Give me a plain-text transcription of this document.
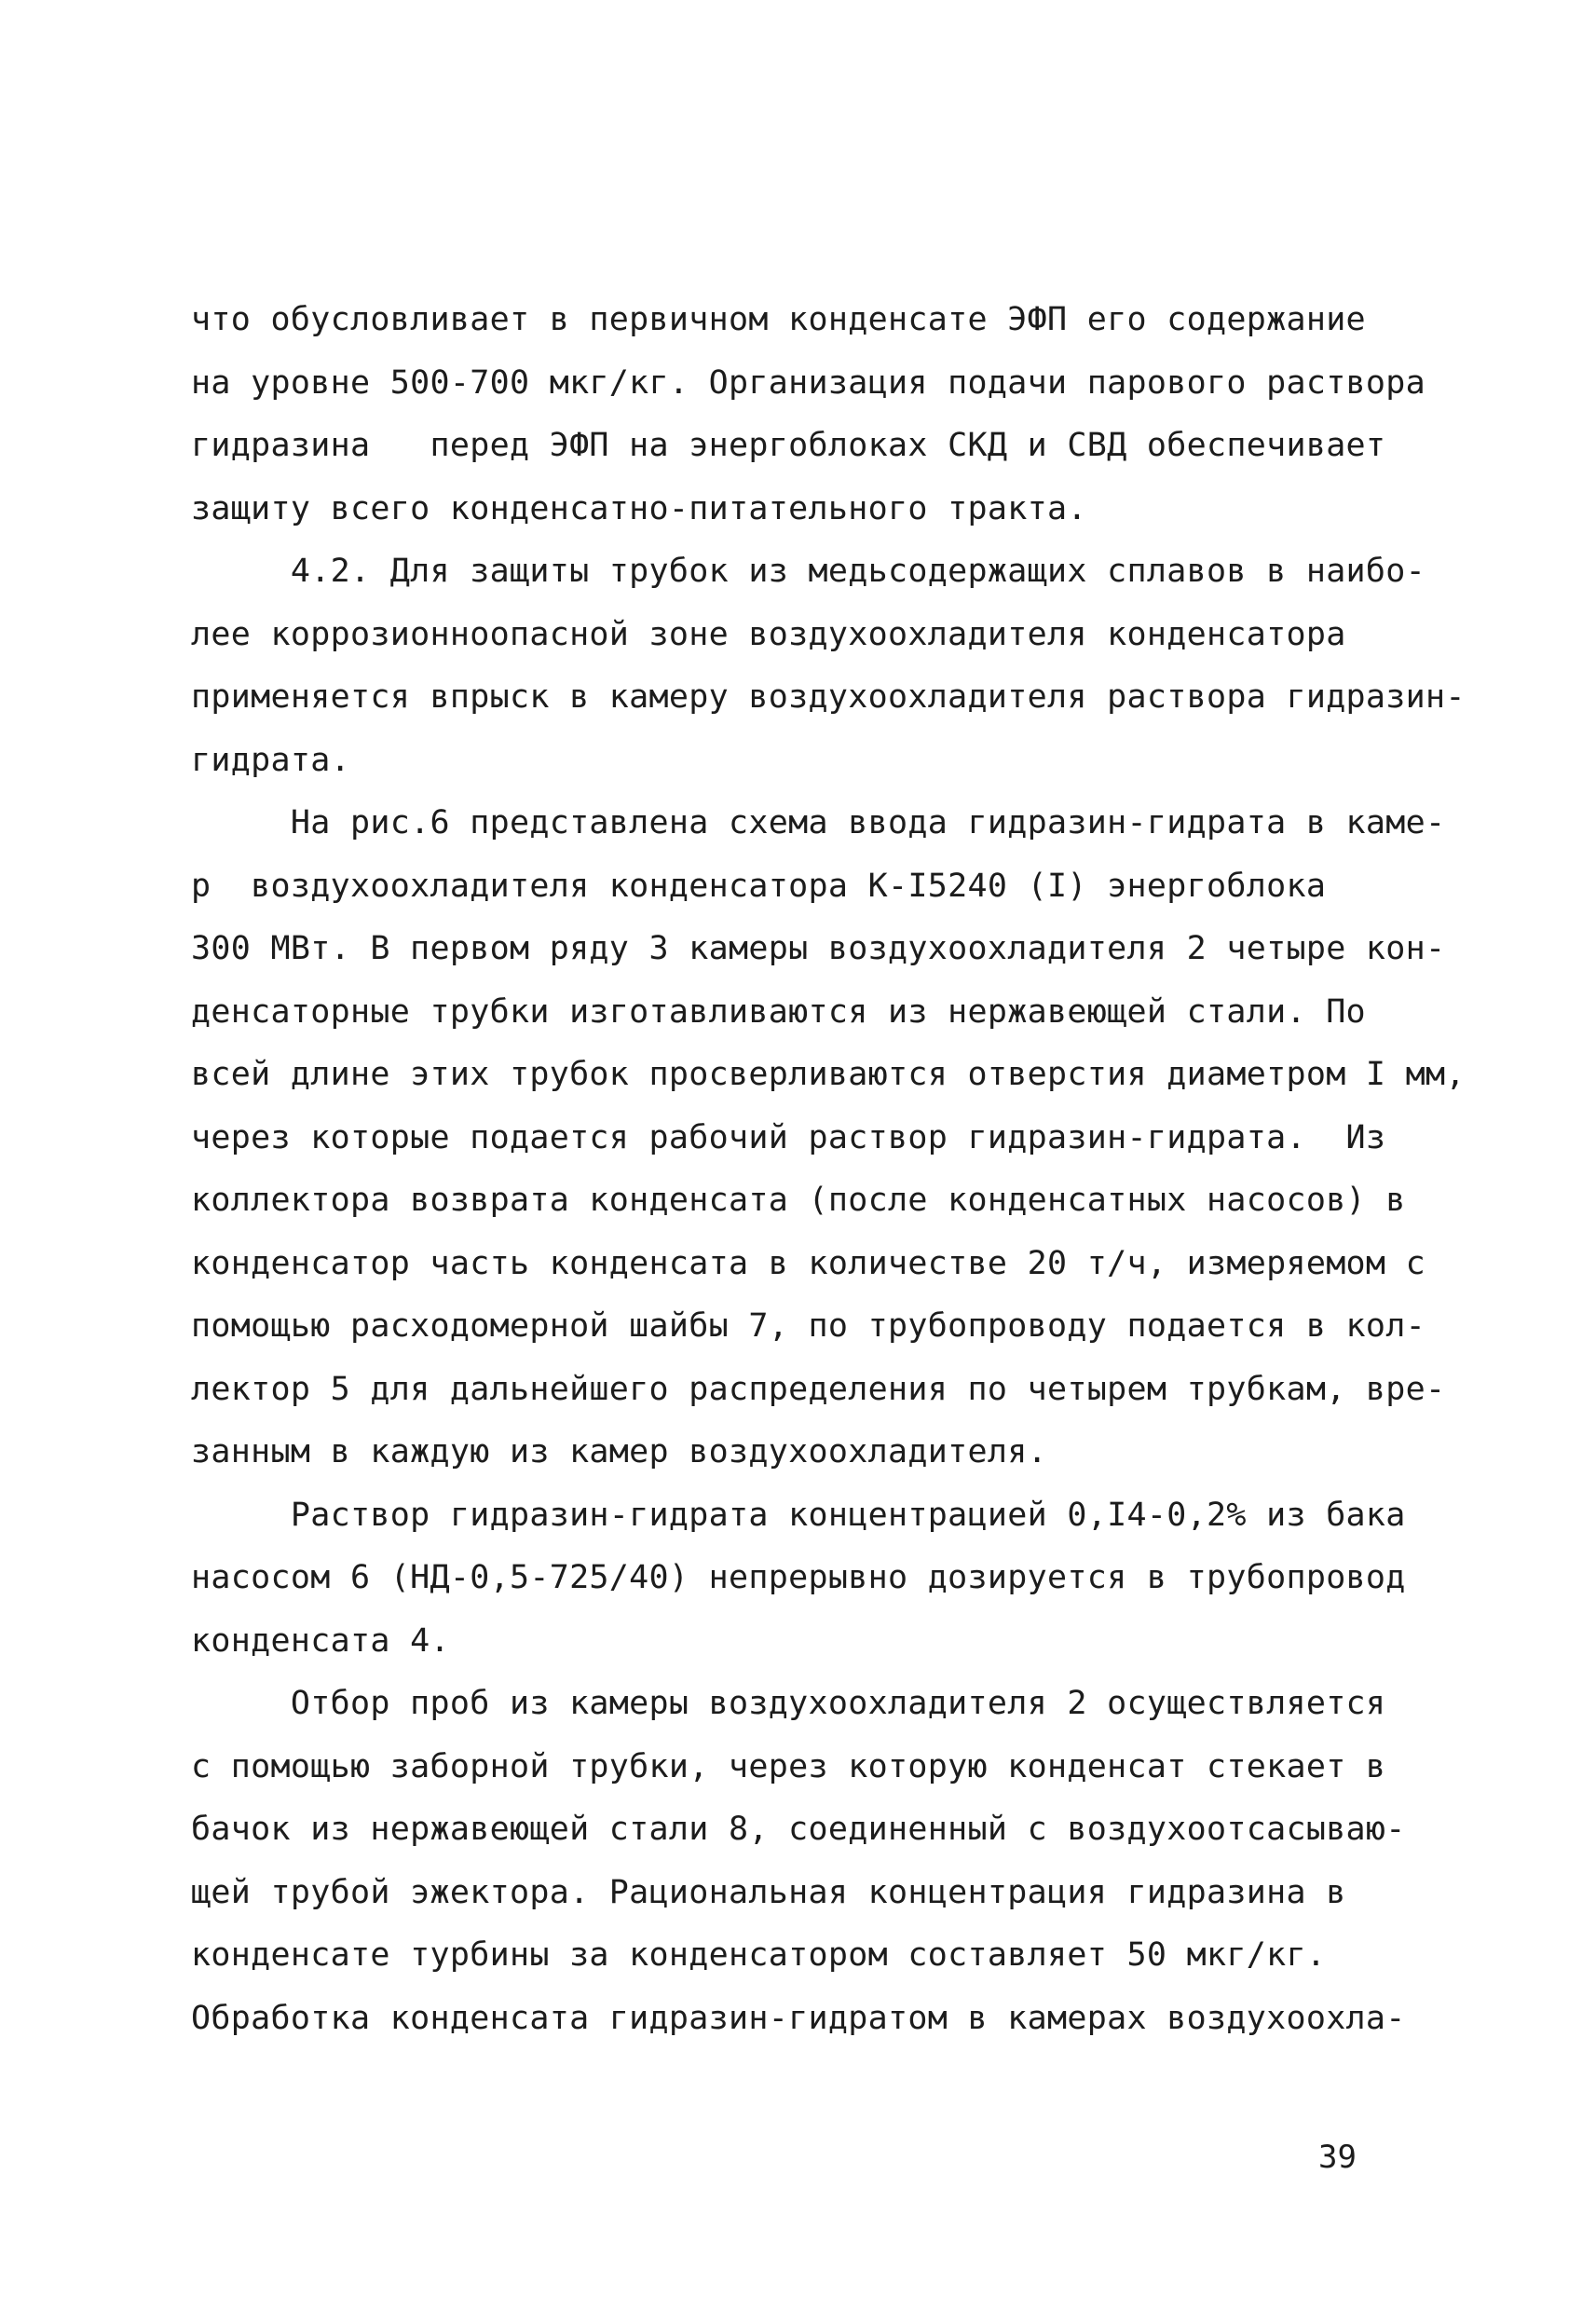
что обусловливает в первичном конденсате ЭФП его содержание
на уровне 500-700 мкг/кг. Организация подачи парового раствора
гидразина   перед ЭФП на энергоблоках СКД и СВД обеспечивает
защиту всего конденсатно-питательного тракта.
4.2. Для защиты трубок из медьсодержащих сплавов в наибо-
лее коррозионноопасной зоне воздухоохладителя конденсатора
применяется впрыск в камеру воздухоохладителя раствора гидразин-
гидрата.
На рис.6 представлена схема ввода гидразин-гидрата в каме-
р  воздухоохладителя конденсатора К-I5240 (I) энергоблока
300 МВт. В первом ряду 3 камеры воздухоохладителя 2 четыре кон-
денсаторные трубки изготавливаются из нержавеющей стали. По
всей длине этих трубок просверливаются отверстия диаметром I мм,
через которые подается рабочий раствор гидразин-гидрата.  Из
коллектора возврата конденсата (после конденсатных насосов) в
конденсатор часть конденсата в количестве 20 т/ч, измеряемом с
помощью расходомерной шайбы 7, по трубопроводу подается в кол-
лектор 5 для дальнейшего распределения по четырем трубкам, вре-
занным в каждую из камер воздухоохладителя.
Раствор гидразин-гидрата концентрацией 0,I4-0,2% из бака
насосом 6 (НД-0,5-725/40) непрерывно дозируется в трубопровод
конденсата 4.
Отбор проб из камеры воздухоохладителя 2 осуществляется
с помощью заборной трубки, через которую конденсат стекает в
бачок из нержавеющей стали 8, соединенный с воздухоотсасываю-
щей трубой эжектора. Рациональная концентрация гидразина в
конденсате турбины за конденсатором составляет 50 мкг/кг.
Обработка конденсата гидразин-гидратом в камерах воздухоохла-
39
